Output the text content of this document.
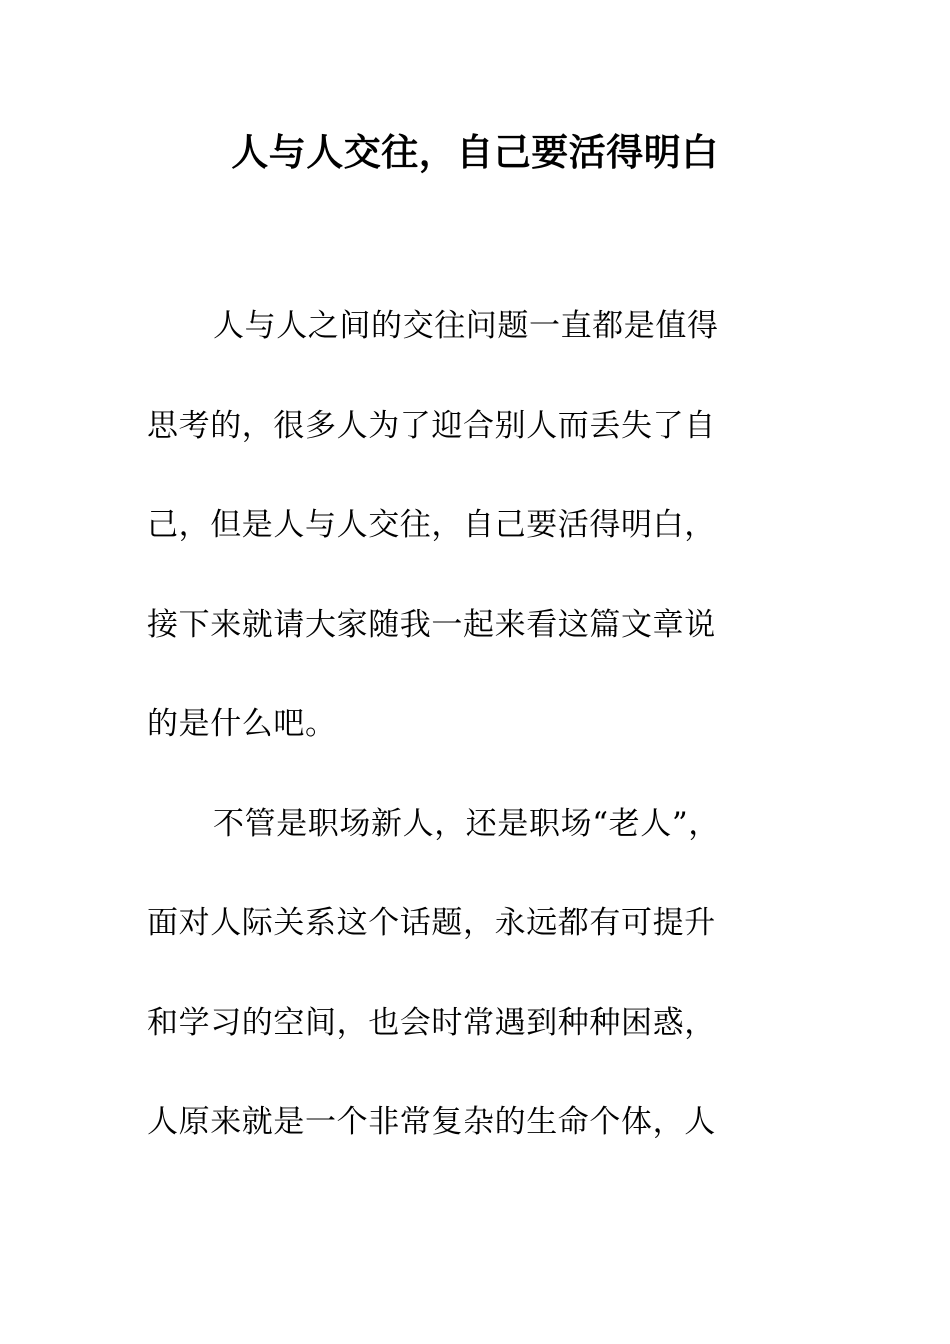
人与人交往，自己要活得明白
人与人之间的交往问题一直都是值得
思考的，很多人为了迎合别人而丢失了自
己，但是人与人交往，自己要活得明白，
接下来就请大家随我一起来看这篇文章说
的是什么吧。
不管是职场新人，还是职场“老人”，
面对人际关系这个话题，永远都有可提升
和学习的空间，也会时常遇到种种困惑，
人原来就是一个非常复杂的生命个体，人
